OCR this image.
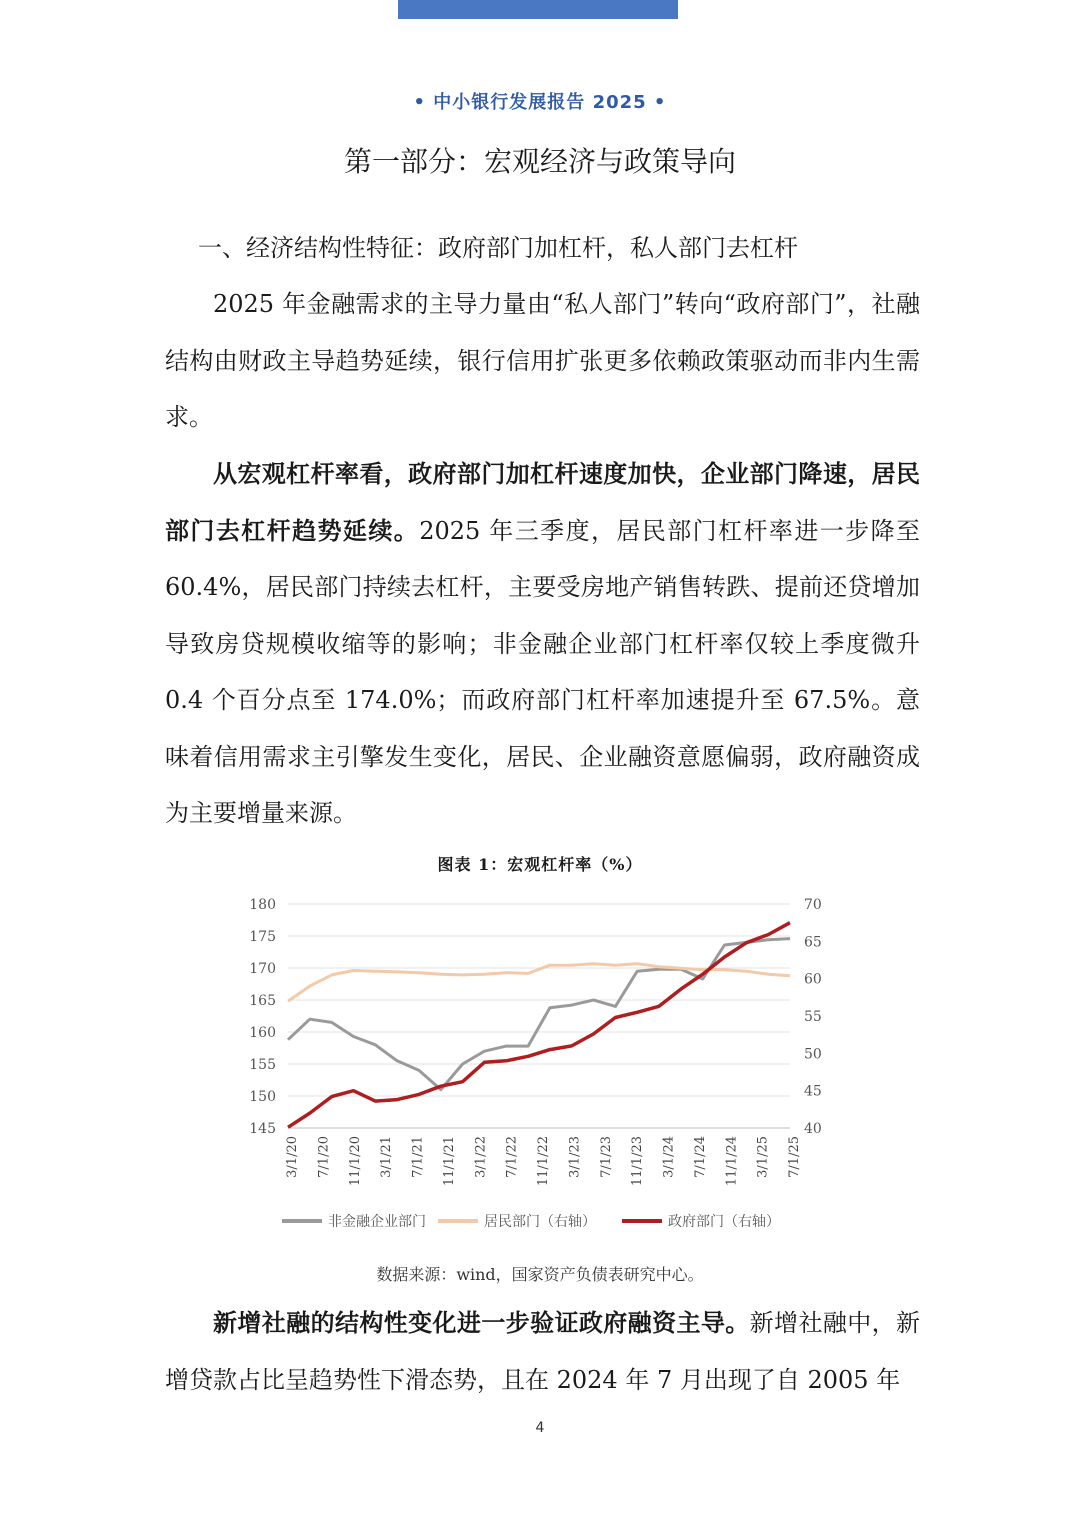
• 中小银行发展报告 2025 •
第一部分：宏观经济与政策导向
一、经济结构性特征：政府部门加杠杆，私人部门去杠杆

2025 年金融需求的主导力量由“私人部门”转向“政府部门”，社融结构由财政主导趋势延续，银行信用扩张更多依赖政策驱动而非内生需求。

从宏观杠杆率看，政府部门加杠杆速度加快，企业部门降速，居民部门去杠杆趋势延续。2025 年三季度，居民部门杠杆率进一步降至 60.4%，居民部门持续去杠杆，主要受房地产销售转跌、提前还贷增加导致房贷规模收缩等的影响；非金融企业部门杠杆率仅较上季度微升 0.4 个百分点至 174.0%；而政府部门杠杆率加速提升至 67.5%。意味着信用需求主引擎发生变化，居民、企业融资意愿偏弱，政府融资成为主要增量来源。

图表 1：宏观杠杆率（%）
145
150
155
160
165
170
175
180
40
45
50
55
60
65
70
3/1/20 7/1/20 11/1/20 3/1/21 7/1/21 11/1/21 3/1/22 7/1/22 11/1/22 3/1/23 7/1/23 11/1/23 3/1/24 7/1/24 11/1/24 3/1/25 7/1/25
非金融企业部门	居民部门（右轴）	政府部门（右轴）
数据来源：wind，国家资产负债表研究中心。

新增社融的结构性变化进一步验证政府融资主导。新增社融中，新增贷款占比呈趋势性下滑态势，且在 2024 年 7 月出现了自 2005 年

4
